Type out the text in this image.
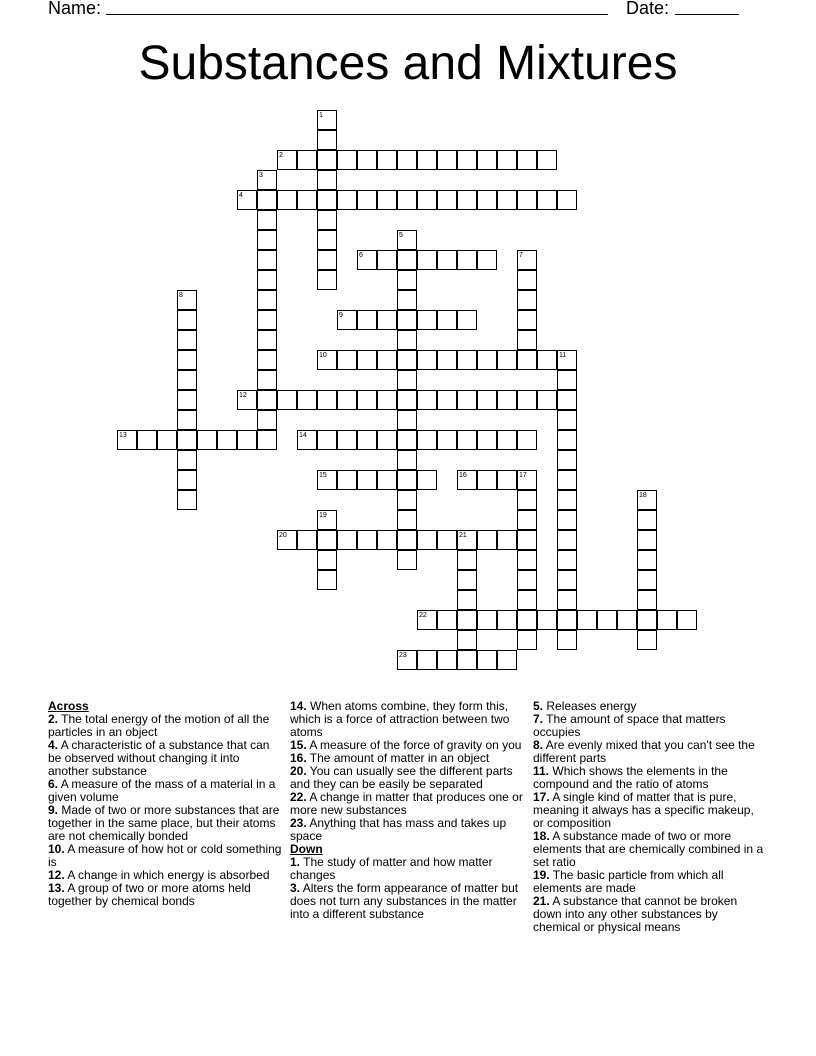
Name:	Date:
Substances and Mixtures
1
2
3
4
5
6	7
8
9
10	11
12
13	14
15	16	17
18
19
20	21
22
23
Across
2. The total energy of the motion of all the particles in an object
4. A characteristic of a substance that can be observed without changing it into another substance
6. A measure of the mass of a material in a given volume
9. Made of two or more substances that are together in the same place, but their atoms are not chemically bonded
10. A measure of how hot or cold something is
12. A change in which energy is absorbed
13. A group of two or more atoms held together by chemical bonds
14. When atoms combine, they form this, which is a force of attraction between two atoms
15. A measure of the force of gravity on you
16. The amount of matter in an object
20. You can usually see the different parts and they can be easily be separated
22. A change in matter that produces one or more new substances
23. Anything that has mass and takes up space
Down
1. The study of matter and how matter changes
3. Alters the form appearance of matter but does not turn any substances in the matter into a different substance
5. Releases energy
7. The amount of space that matters occupies
8. Are evenly mixed that you can't see the different parts
11. Which shows the elements in the compound and the ratio of atoms
17. A single kind of matter that is pure, meaning it always has a specific makeup, or composition
18. A substance made of two or more elements that are chemically combined in a set ratio
19. The basic particle from which all elements are made
21. A substance that cannot be broken down into any other substances by chemical or physical means
